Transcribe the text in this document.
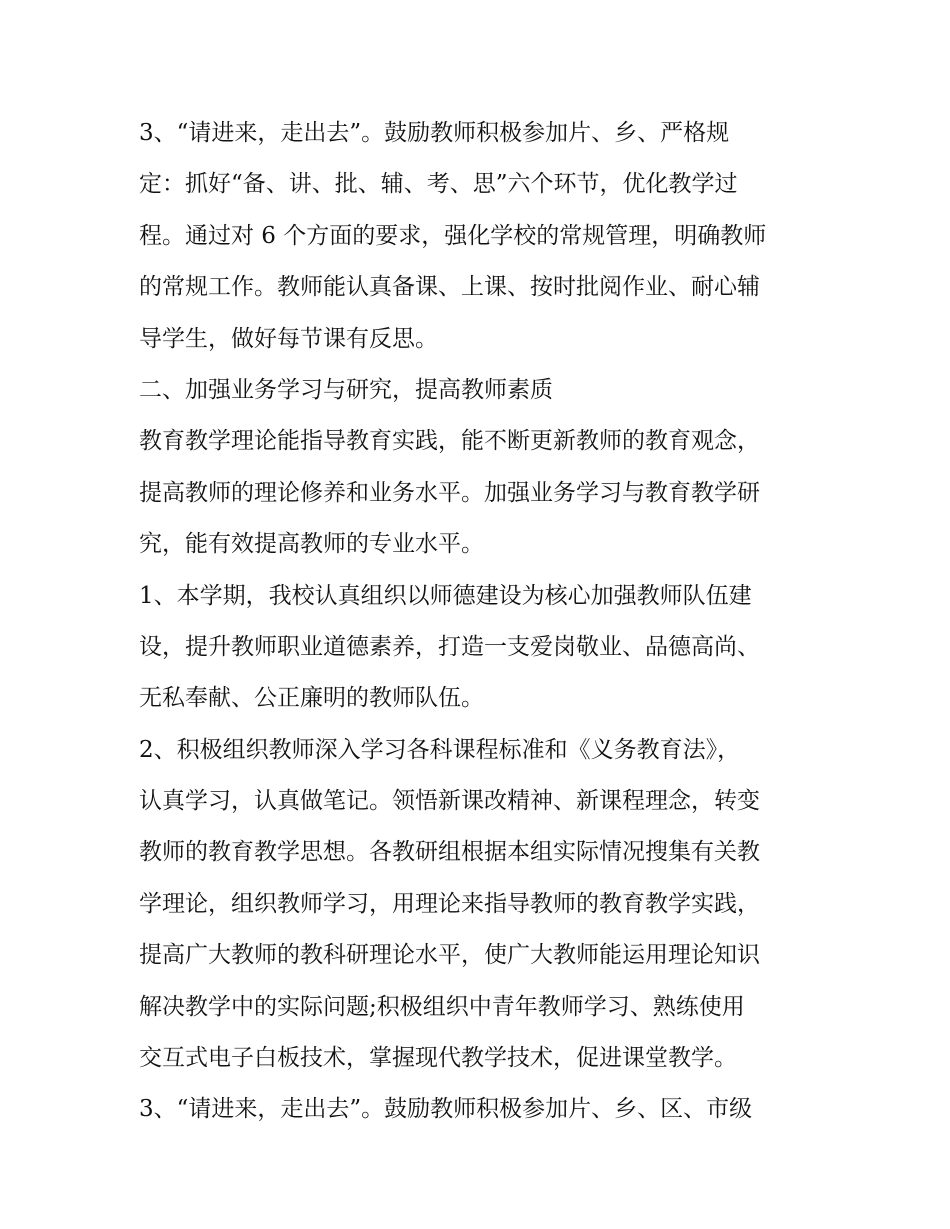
3、“请进来，走出去”。鼓励教师积极参加片、乡、严格规
定：抓好“备、讲、批、辅、考、思”六个环节，优化教学过
程。通过对 6 个方面的要求，强化学校的常规管理，明确教师
的常规工作。教师能认真备课、上课、按时批阅作业、耐心辅
导学生，做好每节课有反思。
二、加强业务学习与研究，提高教师素质
教育教学理论能指导教育实践，能不断更新教师的教育观念，
提高教师的理论修养和业务水平。加强业务学习与教育教学研
究，能有效提高教师的专业水平。
1、本学期，我校认真组织以师德建设为核心加强教师队伍建
设，提升教师职业道德素养，打造一支爱岗敬业、品德高尚、
无私奉献、公正廉明的教师队伍。
2、积极组织教师深入学习各科课程标准和《义务教育法》，
认真学习，认真做笔记。领悟新课改精神、新课程理念，转变
教师的教育教学思想。各教研组根据本组实际情况搜集有关教
学理论，组织教师学习，用理论来指导教师的教育教学实践，
提高广大教师的教科研理论水平，使广大教师能运用理论知识
解决教学中的实际问题;积极组织中青年教师学习、熟练使用
交互式电子白板技术，掌握现代教学技术，促进课堂教学。
3、“请进来，走出去”。鼓励教师积极参加片、乡、区、市级
